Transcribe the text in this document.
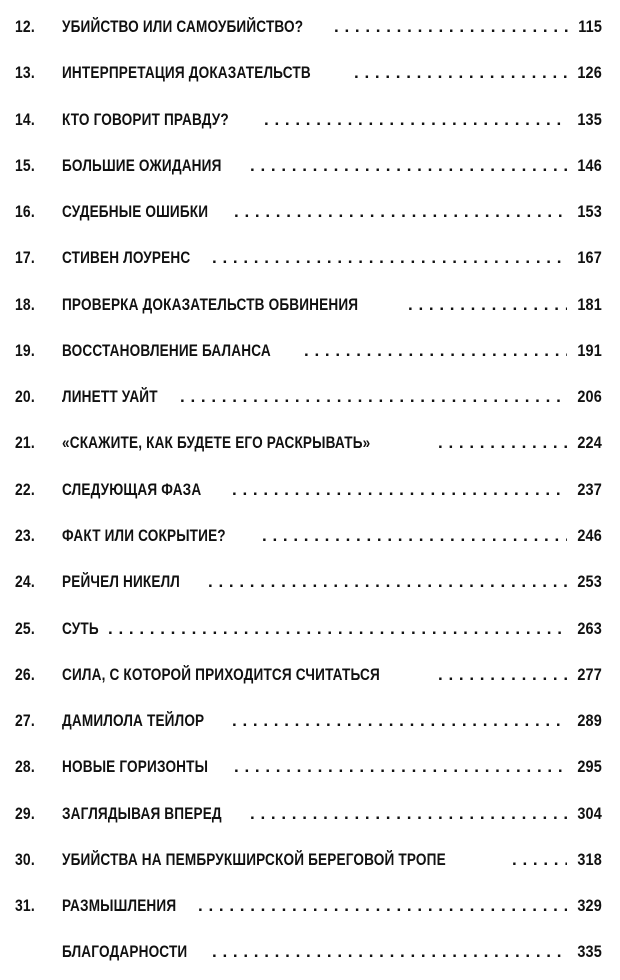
12.	УБИЙСТВО ИЛИ САМОУБИЙСТВО? . . .	115
13.	ИНТЕРПРЕТАЦИЯ ДОКАЗАТЕЛЬСТВ . . .	126
14.	КТО ГОВОРИТ ПРАВДУ? . . .	135
15.	БОЛЬШИЕ ОЖИДАНИЯ . . .	146
16.	СУДЕБНЫЕ ОШИБКИ . . .	153
17.	СТИВЕН ЛОУРЕНС . . .	167
18.	ПРОВЕРКА ДОКАЗАТЕЛЬСТВ ОБВИНЕНИЯ . . .	181
19.	ВОССТАНОВЛЕНИЕ БАЛАНСА . . .	191
20.	ЛИНЕТТ УАЙТ . . .	206
21.	«СКАЖИТЕ, КАК БУДЕТЕ ЕГО РАСКРЫВАТЬ» . . .	224
22.	СЛЕДУЮЩАЯ ФАЗА . . .	237
23.	ФАКТ ИЛИ СОКРЫТИЕ? . . .	246
24.	РЕЙЧЕЛ НИКЕЛЛ . . .	253
25.	СУТЬ . . .	263
26.	СИЛА, С КОТОРОЙ ПРИХОДИТСЯ СЧИТАТЬСЯ . . .	277
27.	ДАМИЛОЛА ТЕЙЛОР . . .	289
28.	НОВЫЕ ГОРИЗОНТЫ . . .	295
29.	ЗАГЛЯДЫВАЯ ВПЕРЕД . . .	304
30.	УБИЙСТВА НА ПЕМБРУКШИРСКОЙ БЕРЕГОВОЙ ТРОПЕ . . .	318
31.	РАЗМЫШЛЕНИЯ . . .	329
БЛАГОДАРНОСТИ . . .	335
